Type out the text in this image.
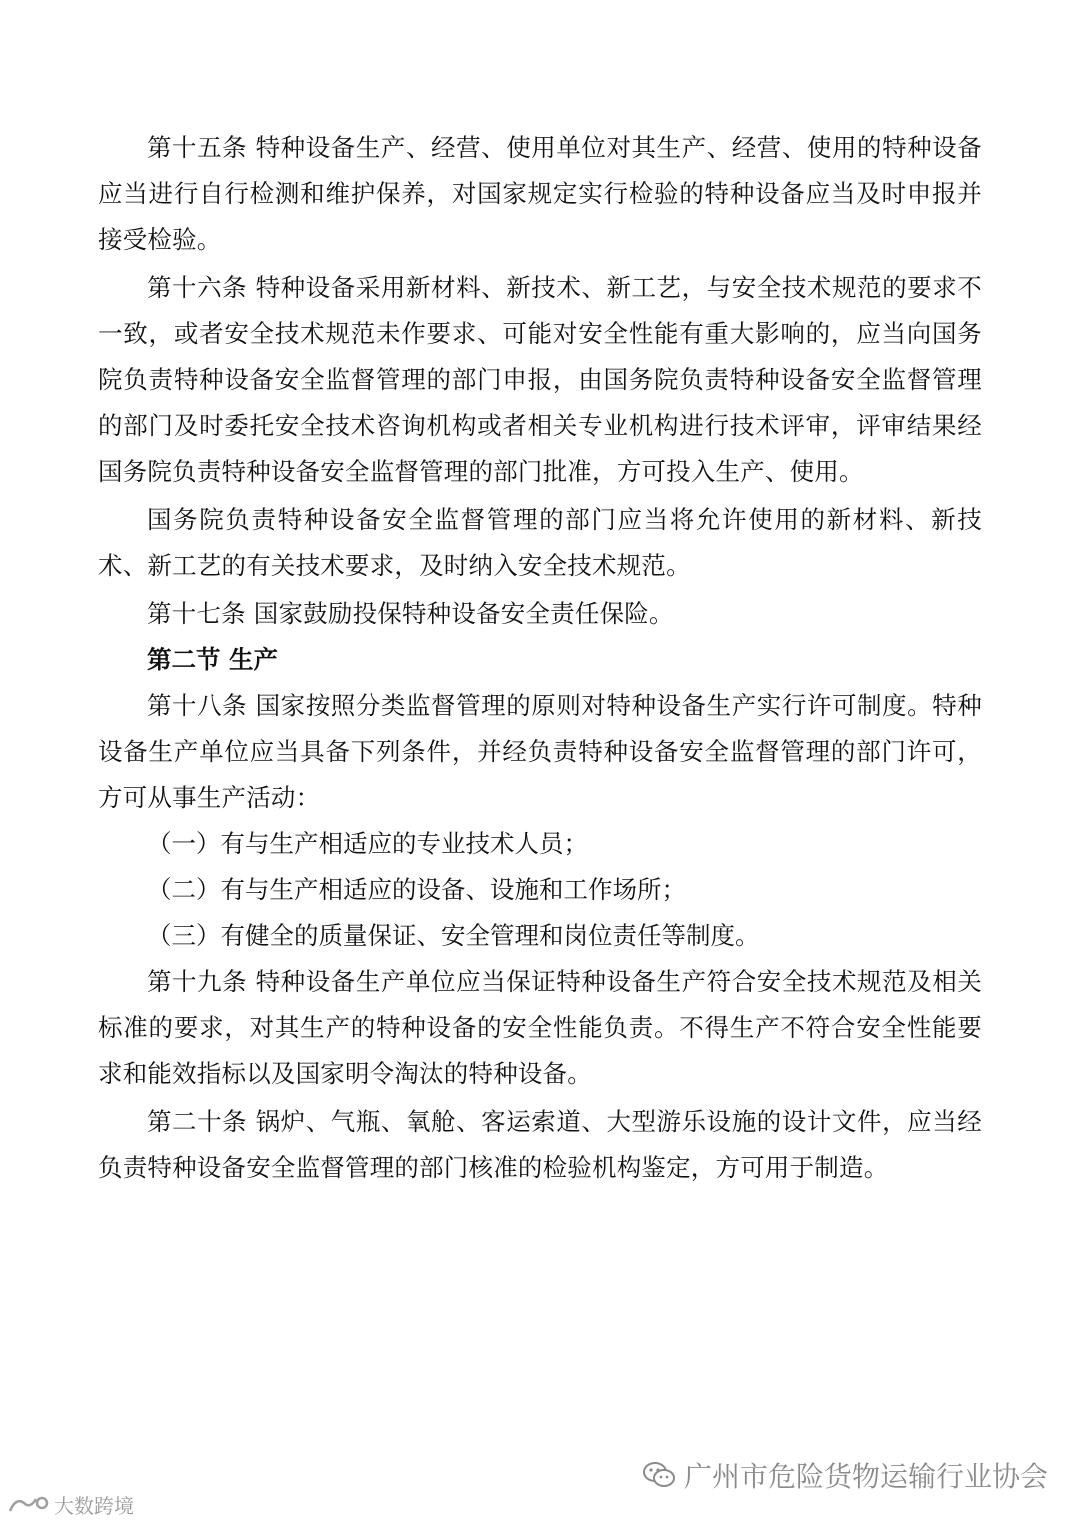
第十五条 特种设备生产、经营、使用单位对其生产、经营、使用的特种设备应当进行自行检测和维护保养，对国家规定实行检验的特种设备应当及时申报并接受检验。

第十六条 特种设备采用新材料、新技术、新工艺，与安全技术规范的要求不一致，或者安全技术规范未作要求、可能对安全性能有重大影响的，应当向国务院负责特种设备安全监督管理的部门申报，由国务院负责特种设备安全监督管理的部门及时委托安全技术咨询机构或者相关专业机构进行技术评审，评审结果经国务院负责特种设备安全监督管理的部门批准，方可投入生产、使用。

国务院负责特种设备安全监督管理的部门应当将允许使用的新材料、新技术、新工艺的有关技术要求，及时纳入安全技术规范。

第十七条 国家鼓励投保特种设备安全责任保险。

第二节 生产

第十八条 国家按照分类监督管理的原则对特种设备生产实行许可制度。特种设备生产单位应当具备下列条件，并经负责特种设备安全监督管理的部门许可，方可从事生产活动：

（一）有与生产相适应的专业技术人员；

（二）有与生产相适应的设备、设施和工作场所；

（三）有健全的质量保证、安全管理和岗位责任等制度。

第十九条 特种设备生产单位应当保证特种设备生产符合安全技术规范及相关标准的要求，对其生产的特种设备的安全性能负责。不得生产不符合安全性能要求和能效指标以及国家明令淘汰的特种设备。

第二十条 锅炉、气瓶、氧舱、客运索道、大型游乐设施的设计文件，应当经负责特种设备安全监督管理的部门核准的检验机构鉴定，方可用于制造。

广州市危险货物运输行业协会
大数跨境
